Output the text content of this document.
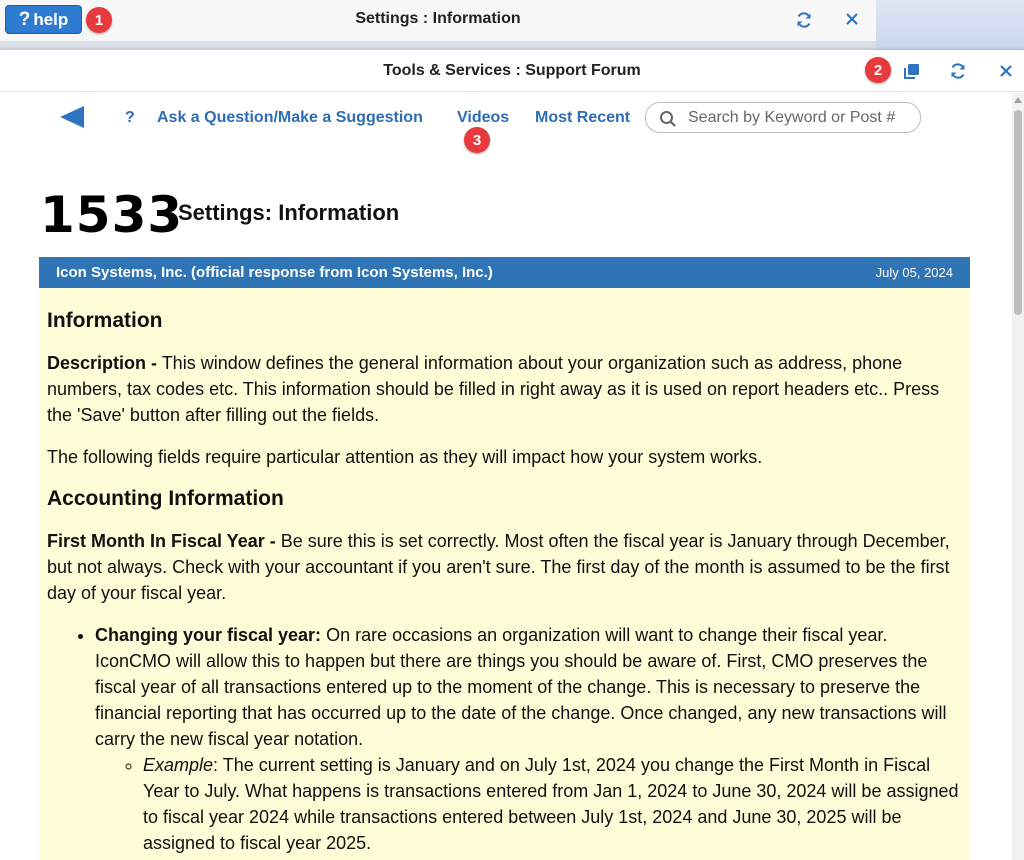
? help	1	Settings : Information
Tools & Services : Support Forum	2
? Ask a Question/Make a Suggestion Videos
3
Most Recent
Search by Keyword or Post #
1533
Settings: Information
Icon Systems, Inc. (official response from Icon Systems, Inc.)	July 05, 2024
Information

Description - This window defines the general information about your organization such as address, phone numbers, tax codes etc. This information should be filled in right away as it is used on report headers etc.. Press the 'Save' button after filling out the fields.

The following fields require particular attention as they will impact how your system works.

Accounting Information

First Month In Fiscal Year - Be sure this is set correctly. Most often the fiscal year is January through December, but not always. Check with your accountant if you aren't sure. The first day of the month is assumed to be the first day of your fiscal year.

• Changing your fiscal year: On rare occasions an organization will want to change their fiscal year. IconCMO will allow this to happen but there are things you should be aware of. First, CMO preserves the fiscal year of all transactions entered up to the moment of the change. This is necessary to preserve the financial reporting that has occurred up to the date of the change. Once changed, any new transactions will carry the new fiscal year notation.
◦ Example: The current setting is January and on July 1st, 2024 you change the First Month in Fiscal Year to July. What happens is transactions entered from Jan 1, 2024 to June 30, 2024 will be assigned to fiscal year 2024 while transactions entered between July 1st, 2024 and June 30, 2025 will be assigned to fiscal year 2025.
